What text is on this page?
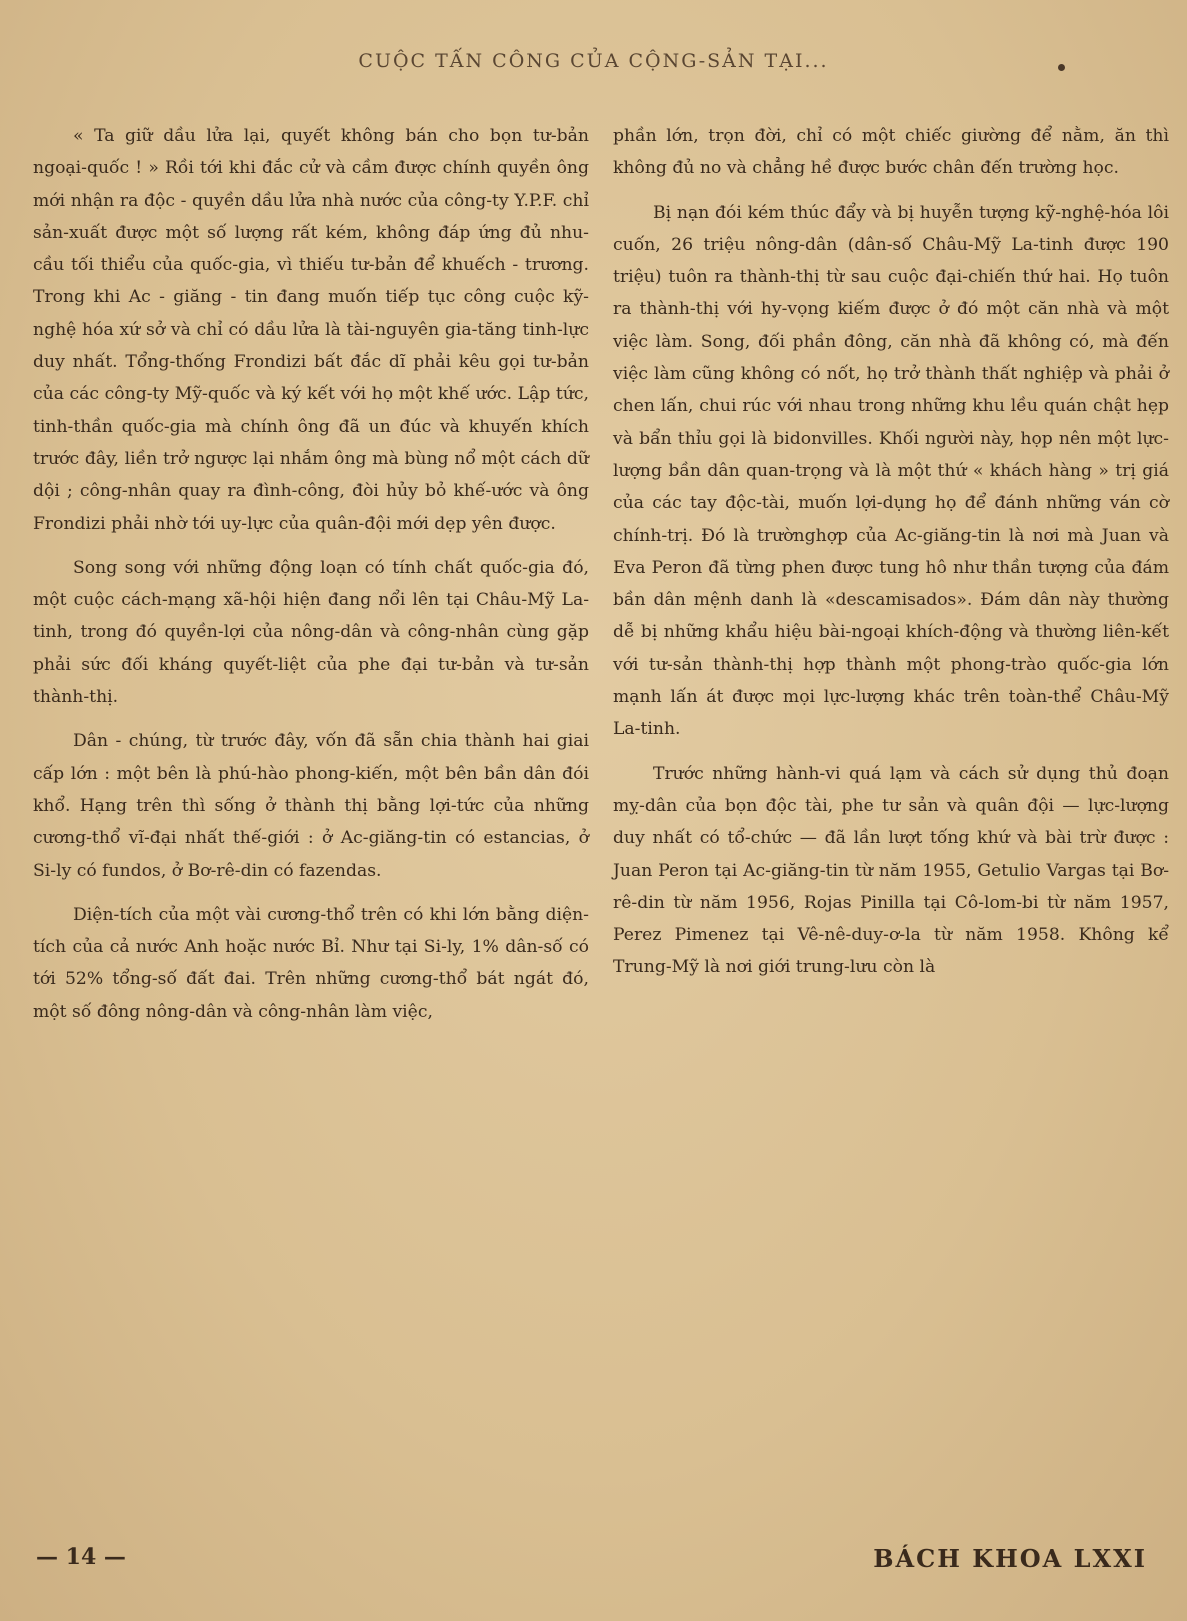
CUỘC TẤN CÔNG CỦA CỘNG-SẢN TẠI...

« Ta giữ dầu lửa lại, quyết không bán cho bọn tư-bản ngoại-quốc ! » Rồi tới khi đắc cử và cầm được chính quyền ông mới nhận ra độc - quyền dầu lửa nhà nước của công-ty Y.P.F. chỉ sản-xuất được một số lượng rất kém, không đáp ứng đủ nhu-cầu tối thiểu của quốc-gia, vì thiếu tư-bản để khuếch - trương. Trong khi Ac - giăng - tin đang muốn tiếp tục công cuộc kỹ-nghệ hóa xứ sở và chỉ có dầu lửa là tài-nguyên gia-tăng tinh-lực duy nhất. Tổng-thống Frondizi bất đắc dĩ phải kêu gọi tư-bản của các công-ty Mỹ-quốc và ký kết với họ một khế ước. Lập tức, tinh-thần quốc-gia mà chính ông đã un đúc và khuyến khích trước đây, liền trở ngược lại nhắm ông mà bùng nổ một cách dữ dội ; công-nhân quay ra đình-công, đòi hủy bỏ khế-ước và ông Frondizi phải nhờ tới uy-lực của quân-đội mới dẹp yên được.

Song song với những động loạn có tính chất quốc-gia đó, một cuộc cách-mạng xã-hội hiện đang nổi lên tại Châu-Mỹ La-tinh, trong đó quyền-lợi của nông-dân và công-nhân cùng gặp phải sức đối kháng quyết-liệt của phe đại tư-bản và tư-sản thành-thị.

Dân - chúng, từ trước đây, vốn đã sẵn chia thành hai giai cấp lớn : một bên là phú-hào phong-kiến, một bên bần dân đói khổ. Hạng trên thì sống ở thành thị bằng lợi-tức của những cương-thổ vĩ-đại nhất thế-giới : ở Ac-giăng-tin có estancias, ở Si-ly có fundos, ở Bơ-rê-din có fazendas.

Diện-tích của một vài cương-thổ trên có khi lớn bằng diện-tích của cả nước Anh hoặc nước Bỉ. Như tại Si-ly, 1% dân-số có tới 52% tổng-số đất đai. Trên những cương-thổ bát ngát đó, một số đông nông-dân và công-nhân làm việc,

phần lớn, trọn đời, chỉ có một chiếc giường để nằm, ăn thì không đủ no và chẳng hề được bước chân đến trường học.

Bị nạn đói kém thúc đẩy và bị huyễn tượng kỹ-nghệ-hóa lôi cuốn, 26 triệu nông-dân (dân-số Châu-Mỹ La-tinh được 190 triệu) tuôn ra thành-thị từ sau cuộc đại-chiến thứ hai. Họ tuôn ra thành-thị với hy-vọng kiếm được ở đó một căn nhà và một việc làm. Song, đối phần đông, căn nhà đã không có, mà đến việc làm cũng không có nốt, họ trở thành thất nghiệp và phải ở chen lấn, chui rúc với nhau trong những khu lều quán chật hẹp và bẩn thỉu gọi là bidonvilles. Khối người này, họp nên một lực-lượng bần dân quan-trọng và là một thứ « khách hàng » trị giá của các tay độc-tài, muốn lợi-dụng họ để đánh những ván cờ chính-trị. Đó là trườnghợp của Ac-giăng-tin là nơi mà Juan và Eva Peron đã từng phen được tung hô như thần tượng của đám bần dân mệnh danh là «descamisados». Đám dân này thường dễ bị những khẩu hiệu bài-ngoại khích-động và thường liên-kết với tư-sản thành-thị hợp thành một phong-trào quốc-gia lớn mạnh lấn át được mọi lực-lượng khác trên toàn-thể Châu-Mỹ La-tinh.

Trước những hành-vi quá lạm và cách sử dụng thủ đoạn mỵ-dân của bọn độc tài, phe tư sản và quân đội — lực-lượng duy nhất có tổ-chức — đã lần lượt tống khứ và bài trừ được : Juan Peron tại Ac-giăng-tin từ năm 1955, Getulio Vargas tại Bơ-rê-din từ năm 1956, Rojas Pinilla tại Cô-lom-bi từ năm 1957, Perez Pimenez tại Vê-nê-duy-ơ-la từ năm 1958. Không kể Trung-Mỹ là nơi giới trung-lưu còn là

— 14 —	BÁCH KHOA LXXI
